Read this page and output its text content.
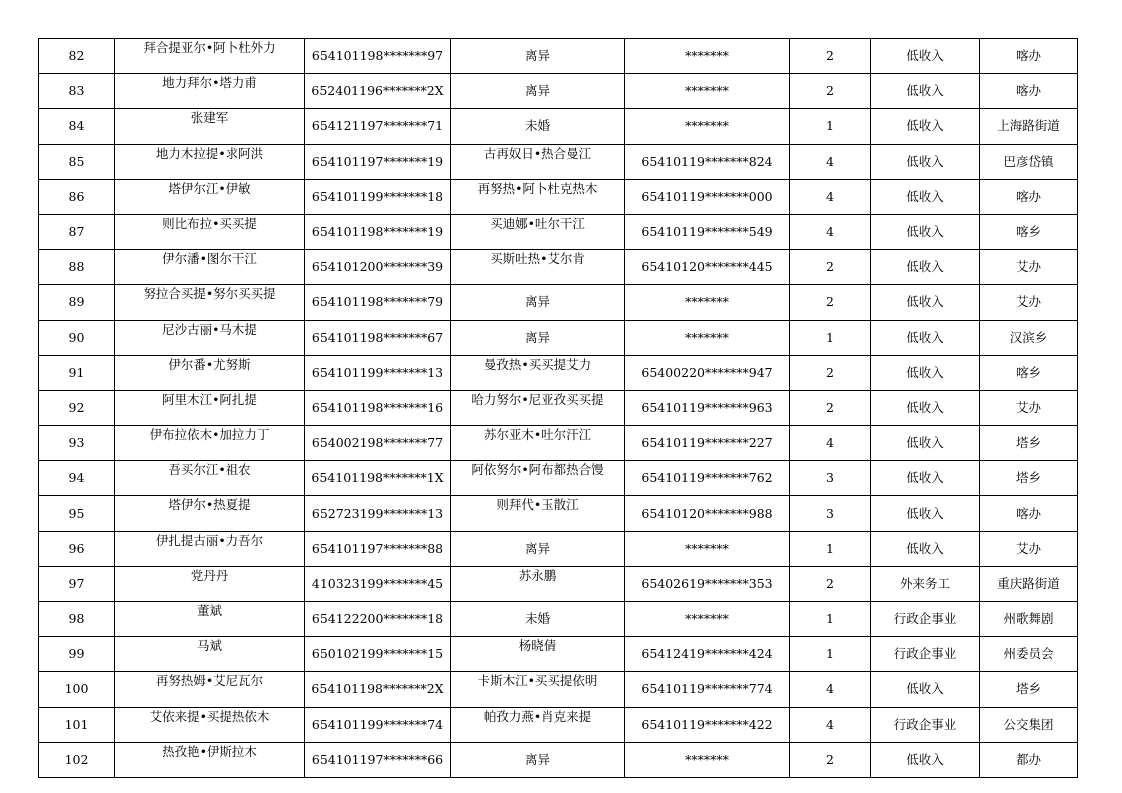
82	拜合提亚尔•阿卜杜外力	654101198*******97	离异	*******	2	低收入	喀办
83	地力拜尔•塔力甫	652401196*******2X	离异	*******	2	低收入	喀办
84	张建军	654121197*******71	未婚	*******	1	低收入	上海路街道
85	地力木拉提•求阿洪	654101197*******19	古再奴日•热合曼江	65410119*******824	4	低收入	巴彦岱镇
86	塔伊尔江•伊敏	654101199*******18	再努热•阿卜杜克热木	65410119*******000	4	低收入	喀办
87	则比布拉•买买提	654101198*******19	买迪娜•吐尔干江	65410119*******549	4	低收入	喀乡
88	伊尔潘•图尔干江	654101200*******39	买斯吐热•艾尔肯	65410120*******445	2	低收入	艾办
89	努拉合买提•努尔买买提	654101198*******79	离异	*******	2	低收入	艾办
90	尼沙古丽•马木提	654101198*******67	离异	*******	1	低收入	汉滨乡
91	伊尔番•尤努斯	654101199*******13	曼孜热•买买提艾力	65400220*******947	2	低收入	喀乡
92	阿里木江•阿扎提	654101198*******16	哈力努尔•尼亚孜买买提	65410119*******963	2	低收入	艾办
93	伊布拉依木•加拉力丁	654002198*******77	苏尔亚木•吐尔汗江	65410119*******227	4	低收入	塔乡
94	吾买尔江•祖农	654101198*******1X	阿依努尔•阿布都热合馒	65410119*******762	3	低收入	塔乡
95	塔伊尔•热夏提	652723199*******13	则拜代•玉散江	65410120*******988	3	低收入	喀办
96	伊扎提古丽•力吾尔	654101197*******88	离异	*******	1	低收入	艾办
97	党丹丹	410323199*******45	苏永鹏	65402619*******353	2	外来务工	重庆路街道
98	董斌	654122200*******18	未婚	*******	1	行政企事业	州歌舞剧
99	马斌	650102199*******15	杨晓倩	65412419*******424	1	行政企事业	州委员会
100	再努热姆•艾尼瓦尔	654101198*******2X	卡斯木江•买买提依明	65410119*******774	4	低收入	塔乡
101	艾依来提•买提热依木	654101199*******74	帕孜力燕•肖克来提	65410119*******422	4	行政企事业	公交集团
102	热孜艳•伊斯拉木	654101197*******66	离异	*******	2	低收入	都办
